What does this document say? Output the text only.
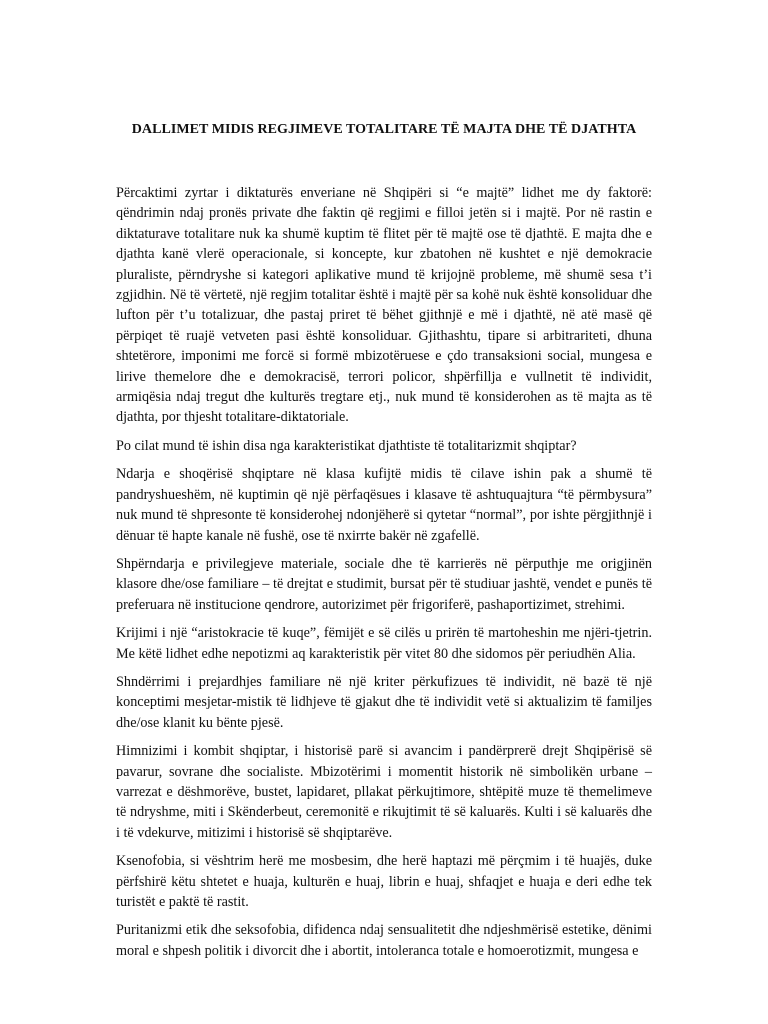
DALLIMET MIDIS REGJIMEVE TOTALITARE TË MAJTA DHE TË DJATHTA

Përcaktimi zyrtar i diktaturës enveriane në Shqipëri si “e majtë” lidhet me dy faktorë: qëndrimin ndaj pronës private dhe faktin që regjimi e filloi jetën si i majtë. Por në rastin e diktaturave totalitare nuk ka shumë kuptim të flitet për të majtë ose të djathtë. E majta dhe e djathta kanë vlerë operacionale, si koncepte, kur zbatohen në kushtet e një demokracie pluraliste, përndryshe si kategori aplikative mund të krijojnë probleme, më shumë sesa t’i zgjidhin. Në të vërtetë, një regjim totalitar është i majtë për sa kohë nuk është konsoliduar dhe lufton për t’u totalizuar, dhe pastaj priret të bëhet gjithnjë e më i djathtë, në atë masë që përpiqet të ruajë vetveten pasi është konsoliduar. Gjithashtu, tipare si arbitrariteti, dhuna shtetërore, imponimi me forcë si formë mbizotëruese e çdo transaksioni social, mungesa e lirive themelore dhe e demokracisë, terrori policor, shpërfillja e vullnetit të individit, armiqësia ndaj tregut dhe kulturës tregtare etj., nuk mund të konsiderohen as të majta as të djathta, por thjesht totalitare-diktatoriale.

Po cilat mund të ishin disa nga karakteristikat djathtiste të totalitarizmit shqiptar?

Ndarja e shoqërisë shqiptare në klasa kufijtë midis të cilave ishin pak a shumë të pandryshueshëm, në kuptimin që një përfaqësues i klasave të ashtuquajtura “të përmbysura” nuk mund të shpresonte të konsiderohej ndonjëherë si qytetar “normal”, por ishte përgjithnjë i dënuar të hapte kanale në fushë, ose të nxirrte bakër në zgafellë.

Shpërndarja e privilegjeve materiale, sociale dhe të karrierës në përputhje me origjinën klasore dhe/ose familiare – të drejtat e studimit, bursat për të studiuar jashtë, vendet e punës të preferuara në institucione qendrore, autorizimet për frigoriferë, pashaportizimet, strehimi.

Krijimi i një “aristokracie të kuqe”, fëmijët e së cilës u prirën të martoheshin me njëri-tjetrin. Me këtë lidhet edhe nepotizmi aq karakteristik për vitet 80 dhe sidomos për periudhën Alia.

Shndërrimi i prejardhjes familiare në një kriter përkufizues të individit, në bazë të një konceptimi mesjetar-mistik të lidhjeve të gjakut dhe të individit vetë si aktualizim të familjes dhe/ose klanit ku bënte pjesë.

Himnizimi i kombit shqiptar, i historisë parë si avancim i pandërprerë drejt Shqipërisë së pavarur, sovrane dhe socialiste. Mbizotërimi i momentit historik në simbolikën urbane – varrezat e dëshmorëve, bustet, lapidaret, pllakat përkujtimore, shtëpitë muze të themelimeve të ndryshme, miti i Skënderbeut, ceremonitë e rikujtimit të së kaluarës. Kulti i së kaluarës dhe i të vdekurve, mitizimi i historisë së shqiptarëve.

Ksenofobia, si vështrim herë me mosbesim, dhe herë haptazi më përçmim i të huajës, duke përfshirë këtu shtetet e huaja, kulturën e huaj, librin e huaj, shfaqjet e huaja e deri edhe tek turistët e paktë të rastit.

Puritanizmi etik dhe seksofobia, difidenca ndaj sensualitetit dhe ndjeshmërisë estetike, dënimi moral e shpesh politik i divorcit dhe i abortit, intoleranca totale e homoerotizmit, mungesa e
